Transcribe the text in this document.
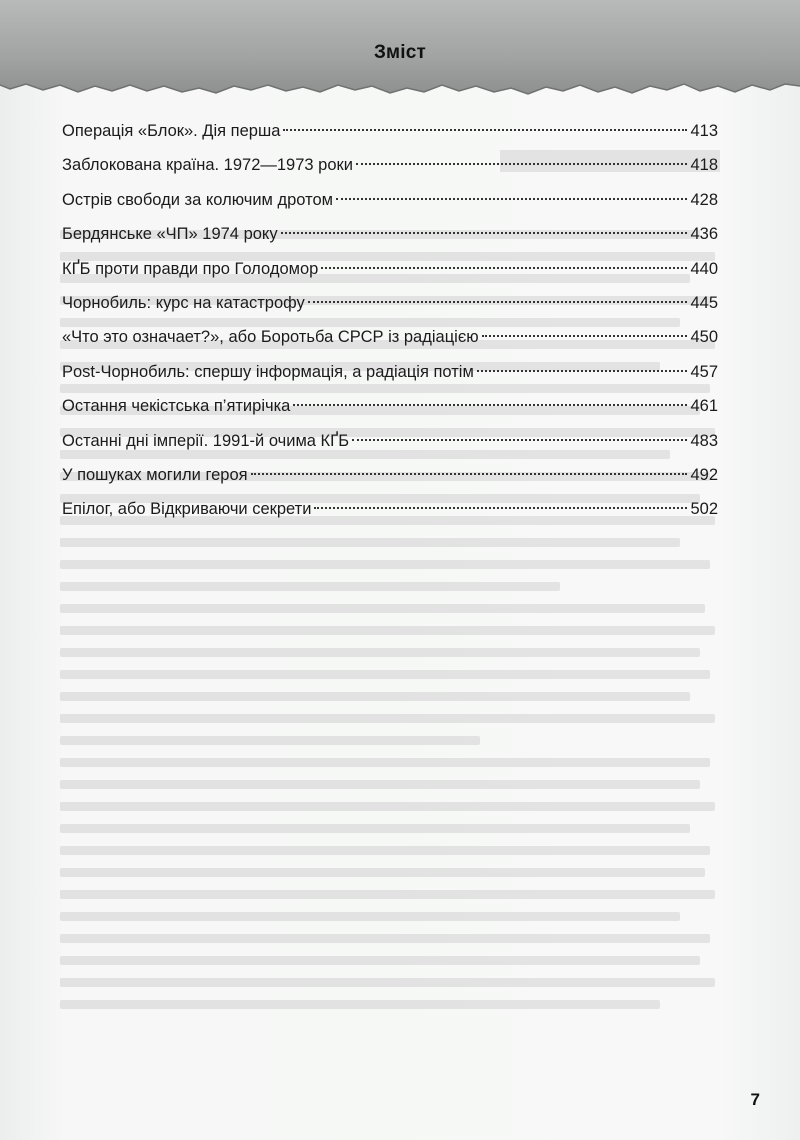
Зміст
Операція «Блок». Дія перша	413
Заблокована країна. 1972—1973 роки	418
Острів свободи за колючим дротом	428
Бердянське «ЧП» 1974 року	436
КҐБ проти правди про Голодомор	440
Чорнобиль: курс на катастрофу	445
«Что это означает?», або Боротьба СРСР із радіацією	450
Post-Чорнобиль: спершу інформація, а радіація потім	457
Остання чекістська п’ятирічка	461
Останні дні імперії. 1991-й очима КҐБ	483
У пошуках могили героя	492
Епілог, або Відкриваючи секрети	502
7
